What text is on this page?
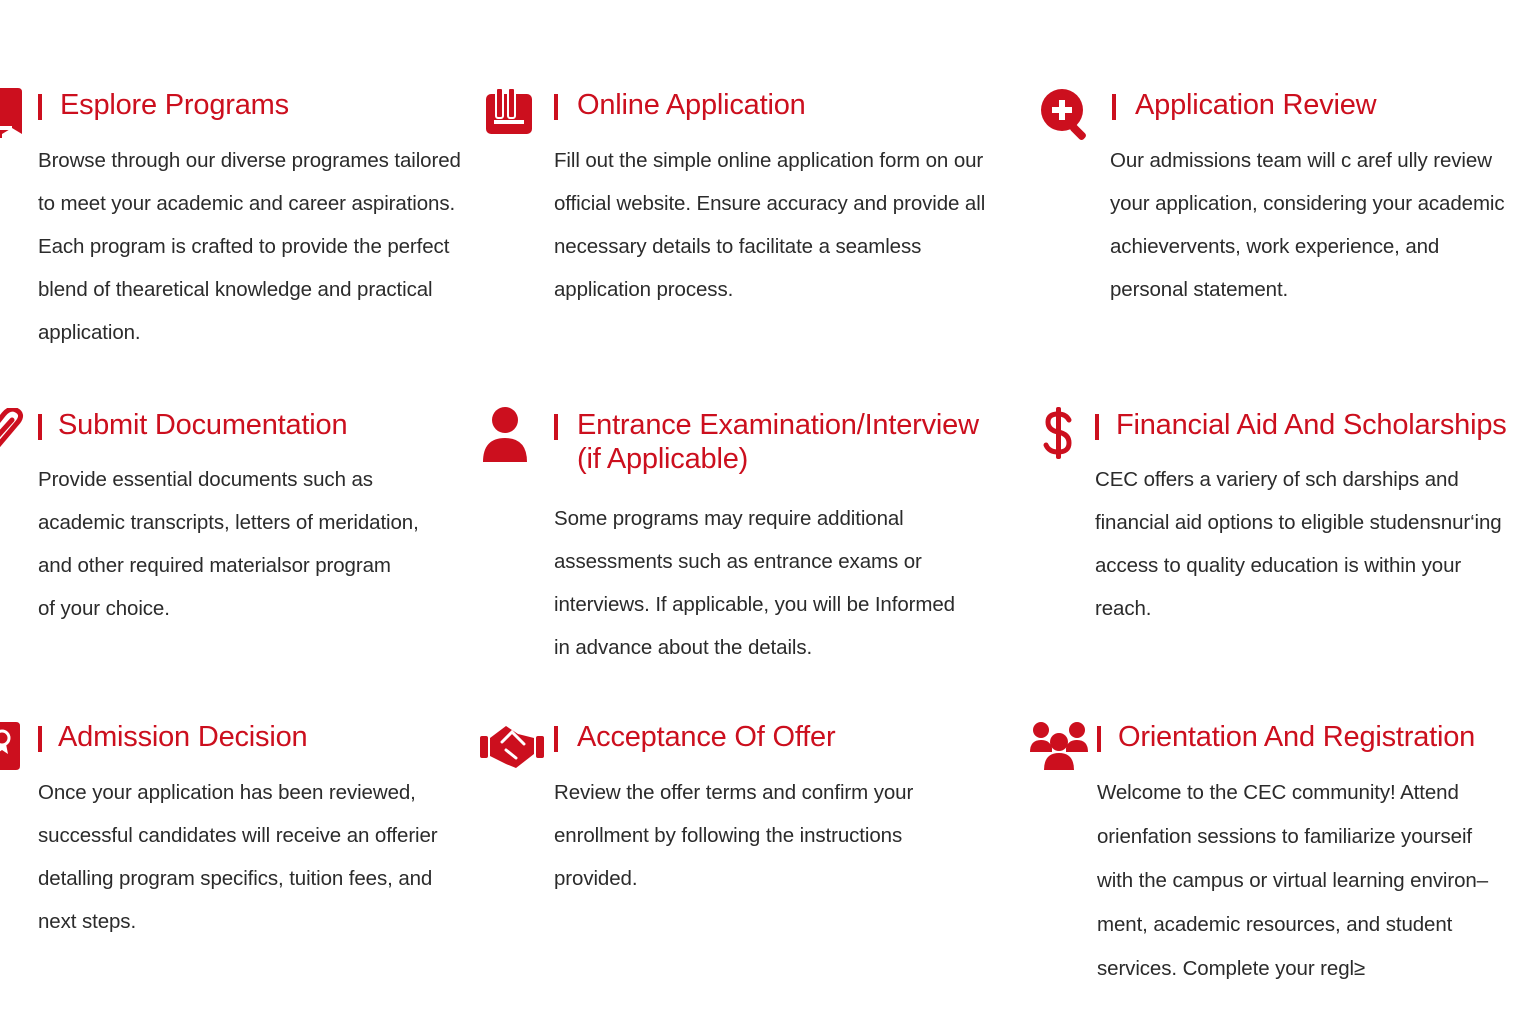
Esplore Programs
Browse through our diverse programes tailored
to meet your academic and career aspirations.
Each program is crafted to provide the perfect
blend of thearetical knowledge and practical
application.
Online Application
Fill out the simple online application form on our
official website. Ensure accuracy and provide all
necessary details to facilitate a seamless
application process.
Application Review
Our admissions team will c aref ully review
your application, considering your academic
achievervents, work experience, and
personal statement.
Submit Documentation
Provide essential documents such as
academic transcripts, letters of meridation,
and other required materialsor program
of your choice.
Entrance Examination/Interview
(if Applicable)
Some programs may require additional
assessments such as entrance exams or
interviews. If applicable, you will be Informed
in advance about the details.
Financial Aid And Scholarships
CEC offers a variery of sch darships and
financial aid options to eligible studensnur‘ing
access to quality education is within your
reach.
Admission Decision
Once your application has been reviewed,
successful candidates will receive an offerier
detalling program specifics, tuition fees, and
next steps.
Acceptance Of Offer
Review the offer terms and confirm your
enrollment by following the instructions
provided.
Orientation And Registration
Welcome to the CEC community! Attend
orienfation sessions to familiarize yourseif
with the campus or virtual learning environ–
ment, academic resources, and student
services. Complete your regl≥
